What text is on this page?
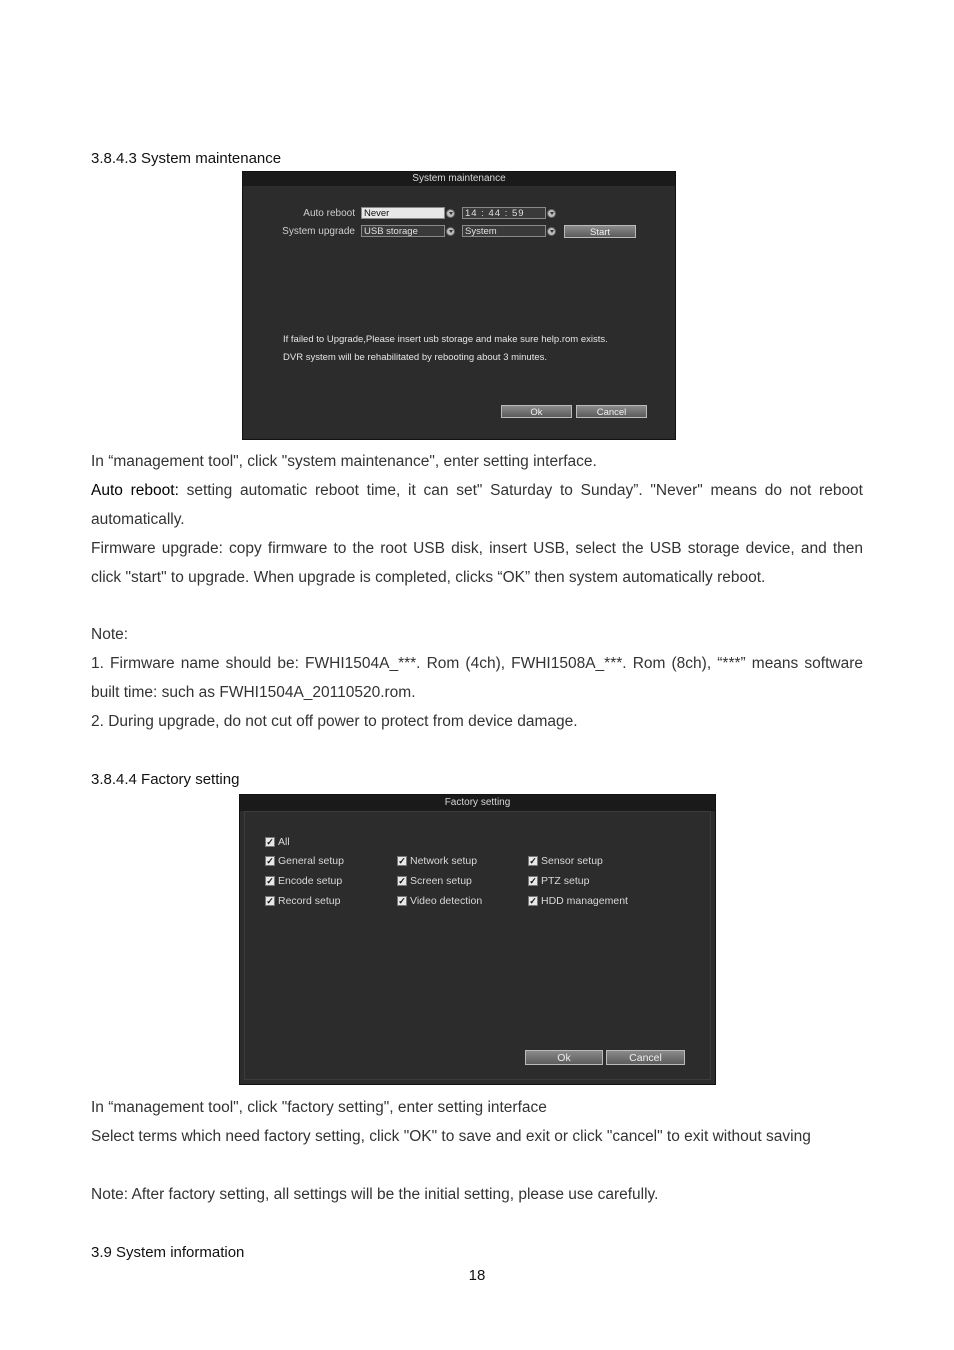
3.8.4.3 System maintenance
System maintenance
Auto reboot Never	14 : 44 : 59
System upgrade USB storage	System	Start
If failed to Upgrade,Please insert usb storage and make sure help.rom exists.
DVR system will be rehabilitated by rebooting about 3 minutes.
Ok	Cancel
In “management tool", click "system maintenance", enter setting interface.
Auto reboot: setting automatic reboot time, it can set" Saturday to Sunday”. "Never" means do not reboot automatically.
Firmware upgrade: copy firmware to the root USB disk, insert USB, select the USB storage device, and then click "start" to upgrade. When upgrade is completed, clicks “OK” then system automatically reboot.
Note:
1. Firmware name should be: FWHI1504A_***. Rom (4ch), FWHI1508A_***. Rom (8ch), “***” means software built time: such as FWHI1504A_20110520.rom.
2. During upgrade, do not cut off power to protect from device damage.
3.8.4.4 Factory setting
Factory setting
✓ All
✓ General setup	✓ Network setup	✓ Sensor setup
✓ Encode setup	✓ Screen setup	✓ PTZ setup
✓ Record setup	✓ Video detection	✓ HDD management
Ok	Cancel
In “management tool", click "factory setting", enter setting interface
Select terms which need factory setting, click "OK" to save and exit or click "cancel" to exit without saving
Note: After factory setting, all settings will be the initial setting, please use carefully.
3.9 System information
18
